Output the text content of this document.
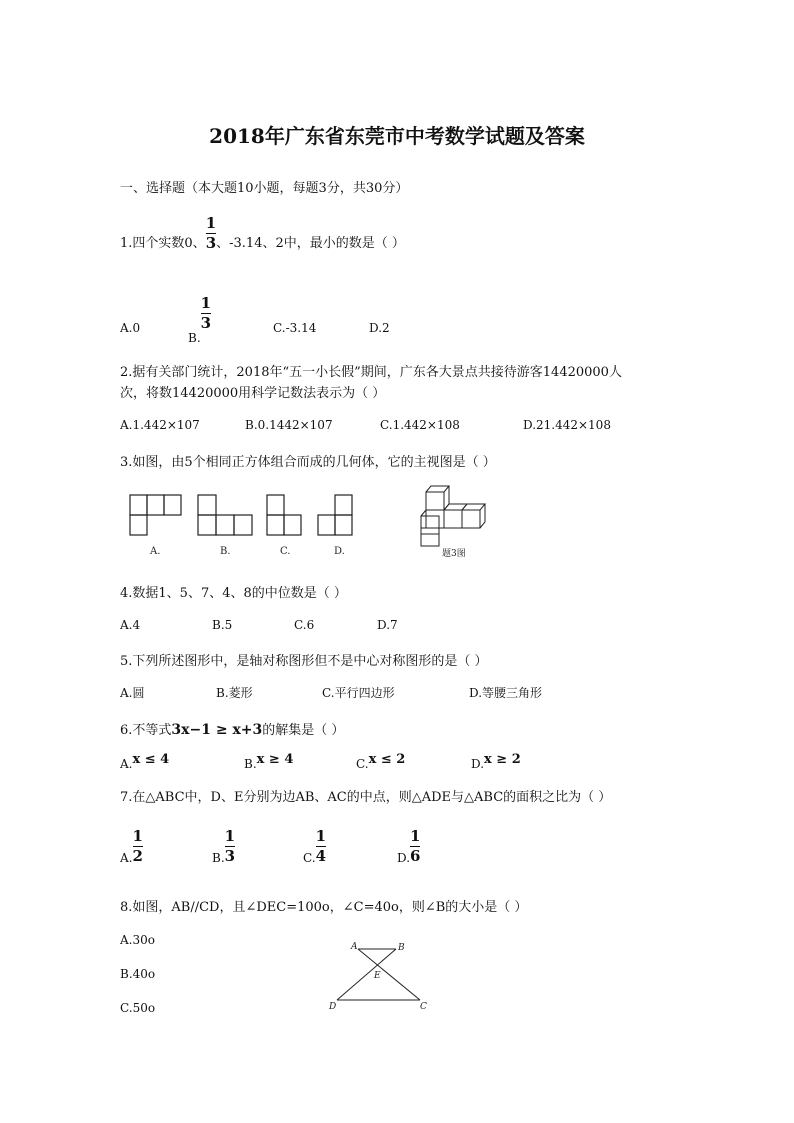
2018年广东省东莞市中考数学试题及答案
一、选择题（本大题10小题，每题3分，共30分）
1.四个实数0、 $\frac{1}{3}$ 、-3.14、2中，最小的数是（ ）
A.0
B.
$\frac{1}{3}$	C.-3.14	D.2
2.据有关部门统计，2018年“五一小长假”期间，广东各大景点共接待游客14420000人
次，将数14420000用科学记数法表示为（ ）
A.1.442×107	B.0.1442×107	C.1.442×108	D.21.442×108
3.如图，由5个相同正方体组合而成的几何体，它的主视图是（ ）
A.	B.	C.	D.	题3图
4.数据1、5、7、4、8的中位数是（ ）
A.4	B.5	C.6	D.7
5.下列所述图形中，是轴对称图形但不是中心对称图形的是（ ）
A.圆	B.菱形	C.平行四边形	D.等腰三角形
6.不等式3x−1 ≥ x+3的解集是（ ）
A.x ≤ 4	B.x ≥ 4	C.x ≤ 2	D.x ≥ 2
7.在△ABC中，D、E分别为边AB、AC的中点，则△ADE与△ABC的面积之比为（ ）
A. $\frac{1}{2}$	B. $\frac{1}{3}$	C. $\frac{1}{4}$	D. $\frac{1}{6}$
8.如图，AB//CD，且∠DEC=100o，∠C=40o，则∠B的大小是（ ）
A.30o
B.40o
C.50o
A	B
E
D	C
